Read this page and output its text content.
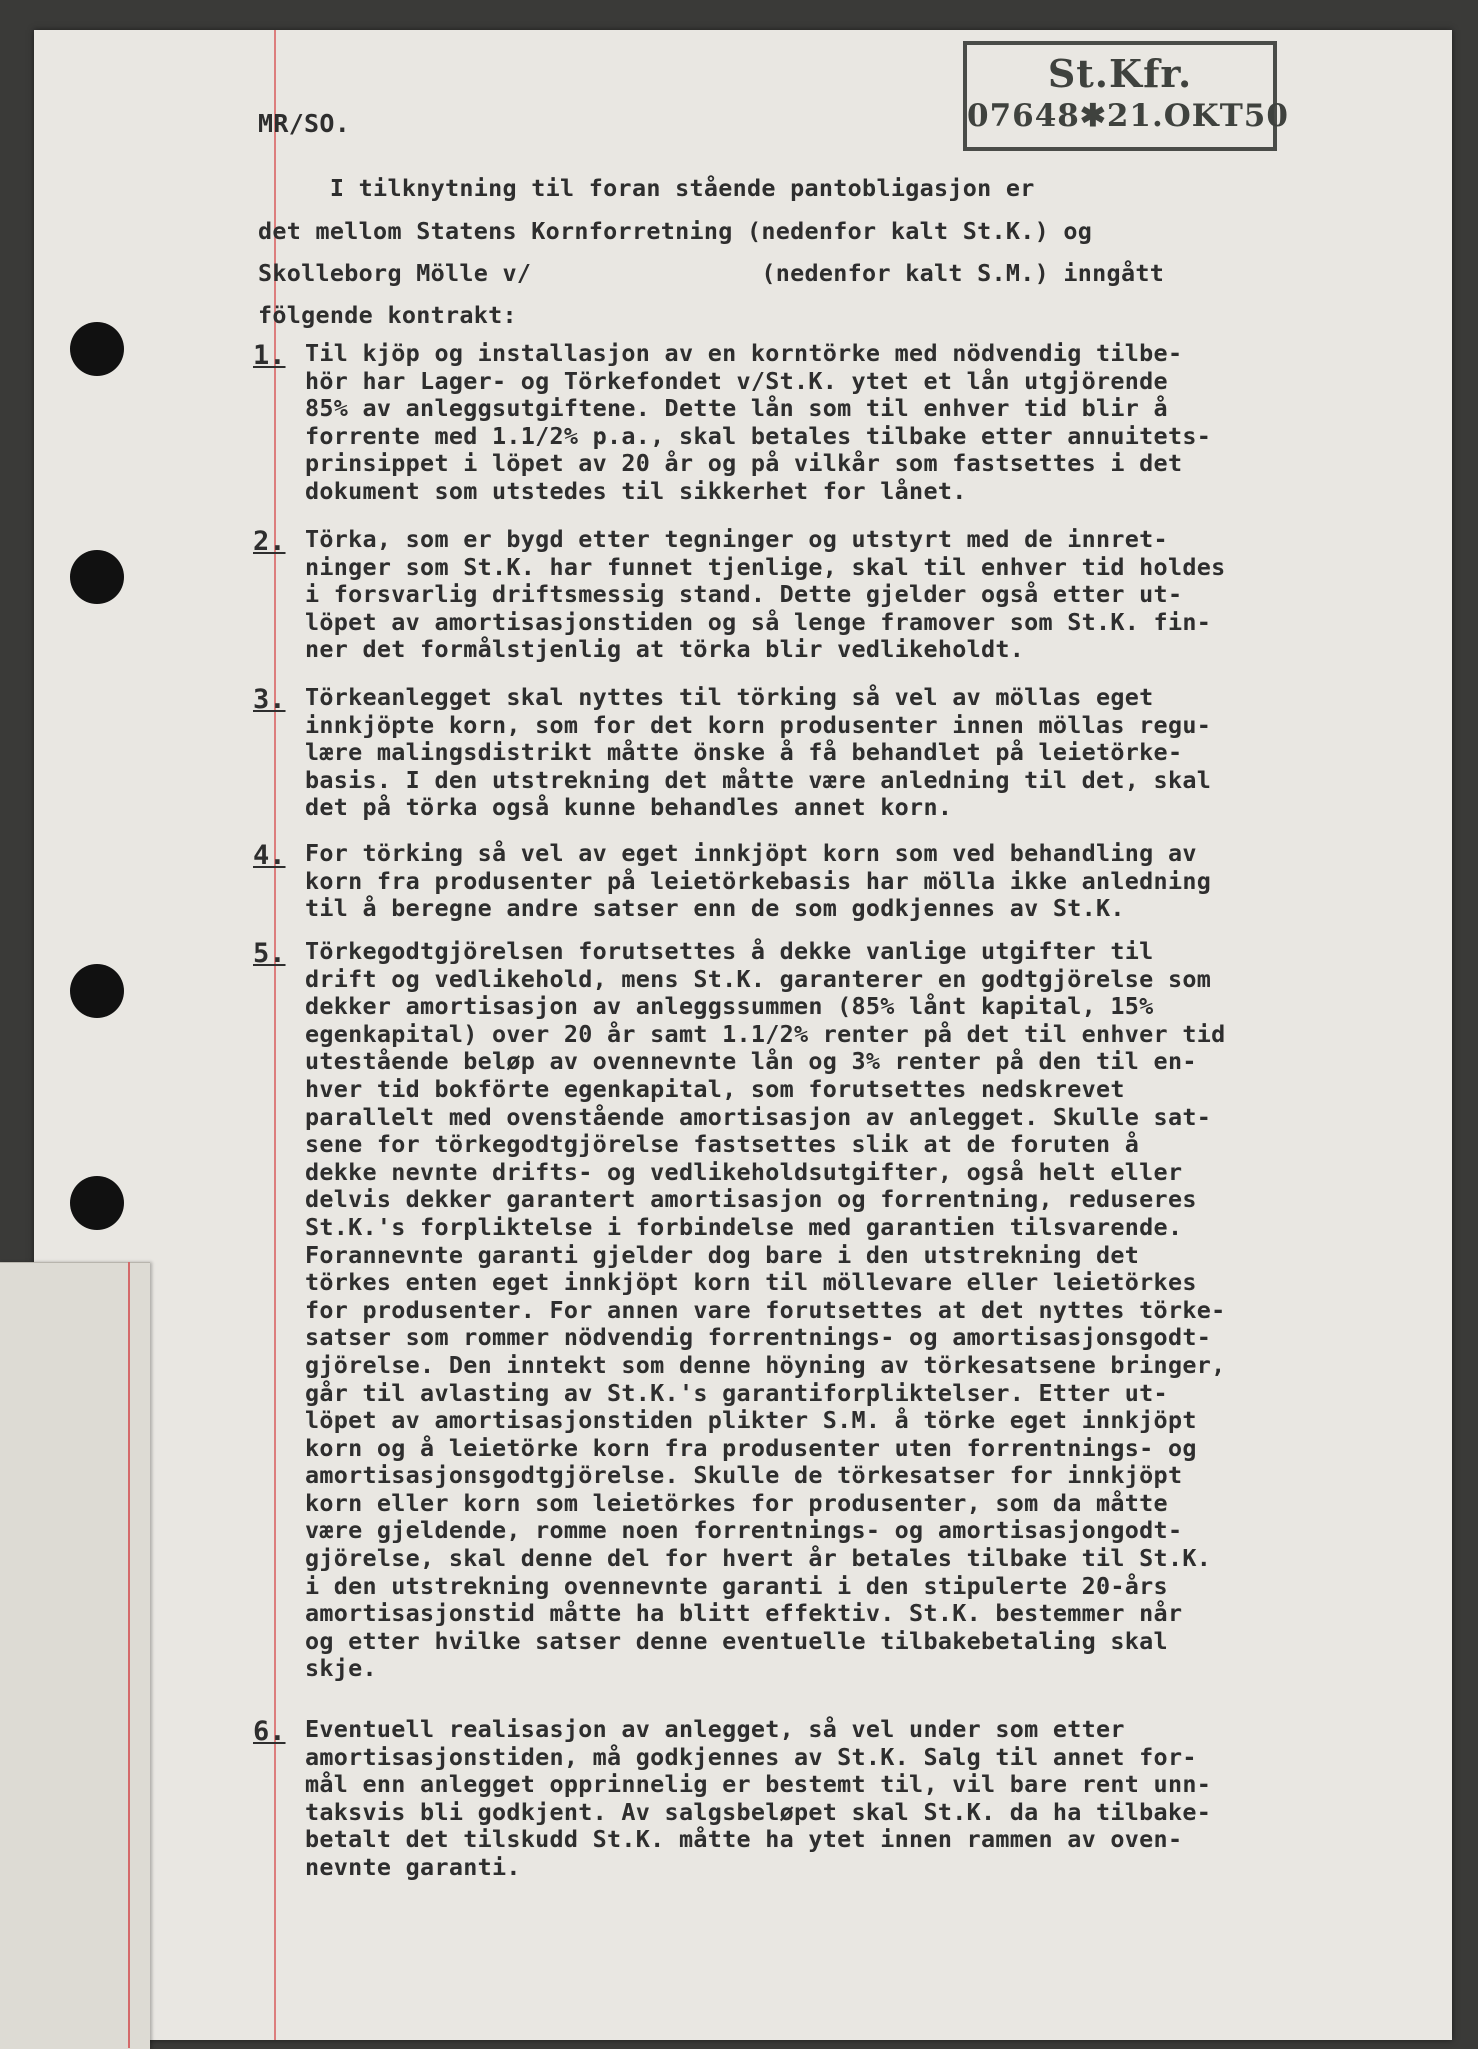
St.Kfr.
07648✱21.OKT50
MR/SO.
I tilknytning til foran stående pantobligasjon er
det mellom Statens Kornforretning (nedenfor kalt St.K.) og
Skolleborg Mölle v/                (nedenfor kalt S.M.) inngått
fölgende kontrakt:
1. Til kjöp og installasjon av en korntörke med nödvendig tilbe-
hör har Lager- og Törkefondet v/St.K. ytet et lån utgjörende
85% av anleggsutgiftene. Dette lån som til enhver tid blir å
forrente med 1.1/2% p.a., skal betales tilbake etter annuitets-
prinsippet i löpet av 20 år og på vilkår som fastsettes i det
dokument som utstedes til sikkerhet for lånet.
2. Törka, som er bygd etter tegninger og utstyrt med de innret-
ninger som St.K. har funnet tjenlige, skal til enhver tid holdes
i forsvarlig driftsmessig stand. Dette gjelder også etter ut-
löpet av amortisasjonstiden og så lenge framover som St.K. fin-
ner det formålstjenlig at törka blir vedlikeholdt.
3. Törkeanlegget skal nyttes til törking så vel av möllas eget
innkjöpte korn, som for det korn produsenter innen möllas regu-
lære malingsdistrikt måtte önske å få behandlet på leietörke-
basis. I den utstrekning det måtte være anledning til det, skal
det på törka også kunne behandles annet korn.
4. For törking så vel av eget innkjöpt korn som ved behandling av
korn fra produsenter på leietörkebasis har mölla ikke anledning
til å beregne andre satser enn de som godkjennes av St.K.
5. Törkegodtgjörelsen forutsettes å dekke vanlige utgifter til
drift og vedlikehold, mens St.K. garanterer en godtgjörelse som
dekker amortisasjon av anleggssummen (85% lånt kapital, 15%
egenkapital) over 20 år samt 1.1/2% renter på det til enhver tid
utestående beløp av ovennevnte lån og 3% renter på den til en-
hver tid bokförte egenkapital, som forutsettes nedskrevet
parallelt med ovenstående amortisasjon av anlegget. Skulle sat-
sene for törkegodtgjörelse fastsettes slik at de foruten å
dekke nevnte drifts- og vedlikeholdsutgifter, også helt eller
delvis dekker garantert amortisasjon og forrentning, reduseres
St.K.'s forpliktelse i forbindelse med garantien tilsvarende.
Forannevnte garanti gjelder dog bare i den utstrekning det
törkes enten eget innkjöpt korn til möllevare eller leietörkes
for produsenter. For annen vare forutsettes at det nyttes törke-
satser som rommer nödvendig forrentnings- og amortisasjonsgodt-
gjörelse. Den inntekt som denne höyning av törkesatsene bringer,
går til avlasting av St.K.'s garantiforpliktelser. Etter ut-
löpet av amortisasjonstiden plikter S.M. å törke eget innkjöpt
korn og å leietörke korn fra produsenter uten forrentnings- og
amortisasjonsgodtgjörelse. Skulle de törkesatser for innkjöpt
korn eller korn som leietörkes for produsenter, som da måtte
være gjeldende, romme noen forrentnings- og amortisasjongodt-
gjörelse, skal denne del for hvert år betales tilbake til St.K.
i den utstrekning ovennevnte garanti i den stipulerte 20-års
amortisasjonstid måtte ha blitt effektiv. St.K. bestemmer når
og etter hvilke satser denne eventuelle tilbakebetaling skal
skje.
6. Eventuell realisasjon av anlegget, så vel under som etter
amortisasjonstiden, må godkjennes av St.K. Salg til annet for-
mål enn anlegget opprinnelig er bestemt til, vil bare rent unn-
taksvis bli godkjent. Av salgsbeløpet skal St.K. da ha tilbake-
betalt det tilskudd St.K. måtte ha ytet innen rammen av oven-
nevnte garanti.
